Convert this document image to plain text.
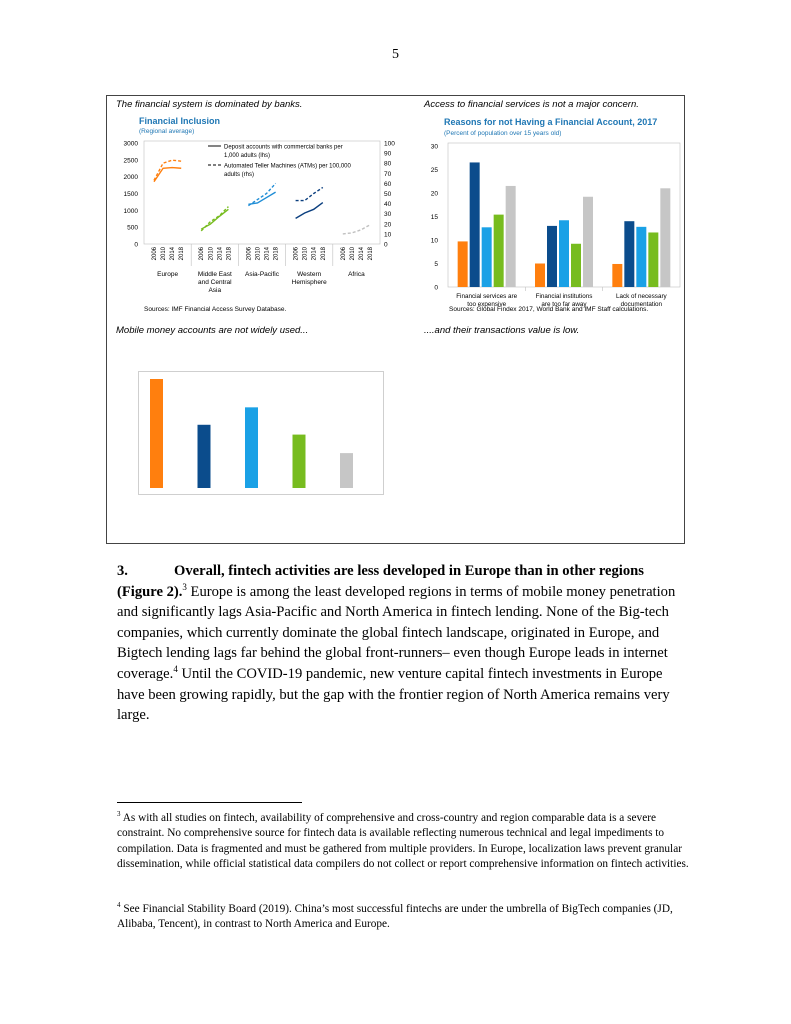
5
The financial system is dominated by banks.
Financial Inclusion
(Regional average)
3000
2500
2000
1500
1000
500
0
100
90
80
70
60
50
40
30
20
10
0
2006 2010 2014 2018
Europe
2006 2010 2014 2018
Middle East
and Central
Asia
2006 2010 2014 2018
Asia-Pacific
2006 2010 2014 2018
Western
Hemisphere
2006 2010 2014 2018
Africa
Deposit accounts with commercial banks per
1,000 adults (lhs)
Automated Teller Machines (ATMs) per 100,000
adults (rhs)
Sources: IMF Financial Access Survey Database.
Access to financial services is not a major concern.
Reasons for not Having a Financial Account, 2017
(Percent of population over 15 years old)
30
25
20
15
10
5
0
Financial services are
too expensive
Financial institutions
are too far away
Lack of necessary
documentation
Sources: Global Findex 2017, World Bank and IMF Staff calculations.
Mobile money accounts are not widely used...	....and their transactions value is low.
3.	Overall, fintech activities are less developed in Europe than in other regions (Figure 2).$^3$ Europe is among the least developed regions in terms of mobile money penetration and significantly lags Asia-Pacific and North America in fintech lending. None of the Big-tech companies, which currently dominate the global fintech landscape, originated in Europe, and Bigtech lending lags far behind the global front-runners– even though Europe leads in internet coverage.$^4$ Until the COVID-19 pandemic, new venture capital fintech investments in Europe have been growing rapidly, but the gap with the frontier region of North America remains very large.
$^3$ As with all studies on fintech, availability of comprehensive and cross-country and region comparable data is a severe constraint. No comprehensive source for fintech data is available reflecting numerous technical and legal impediments to compilation. Data is fragmented and must be gathered from multiple providers. In Europe, localization laws prevent granular dissemination, while official statistical data compilers do not collect or report comprehensive information on fintech activities.
$^4$ See Financial Stability Board (2019). China’s most successful fintechs are under the umbrella of BigTech companies (JD, Alibaba, Tencent), in contrast to North America and Europe.
